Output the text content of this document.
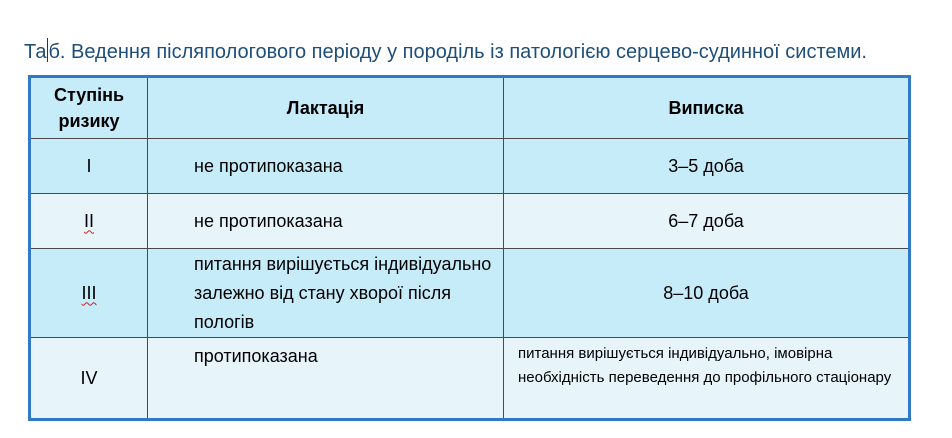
Та б. Ведення післяпологового періоду у породіль із патологією серцево-судинної системи.
Ступінь ризику	Лактація	Виписка
I	не протипоказана	3–5 доба
II	не протипоказана	6–7 доба
III	питання вирішується індивідуально залежно від стану хворої після пологів	8–10 доба
IV	протипоказана	питання вирішується індивідуально, імовірна необхідність переведення до профільного стаціонару
